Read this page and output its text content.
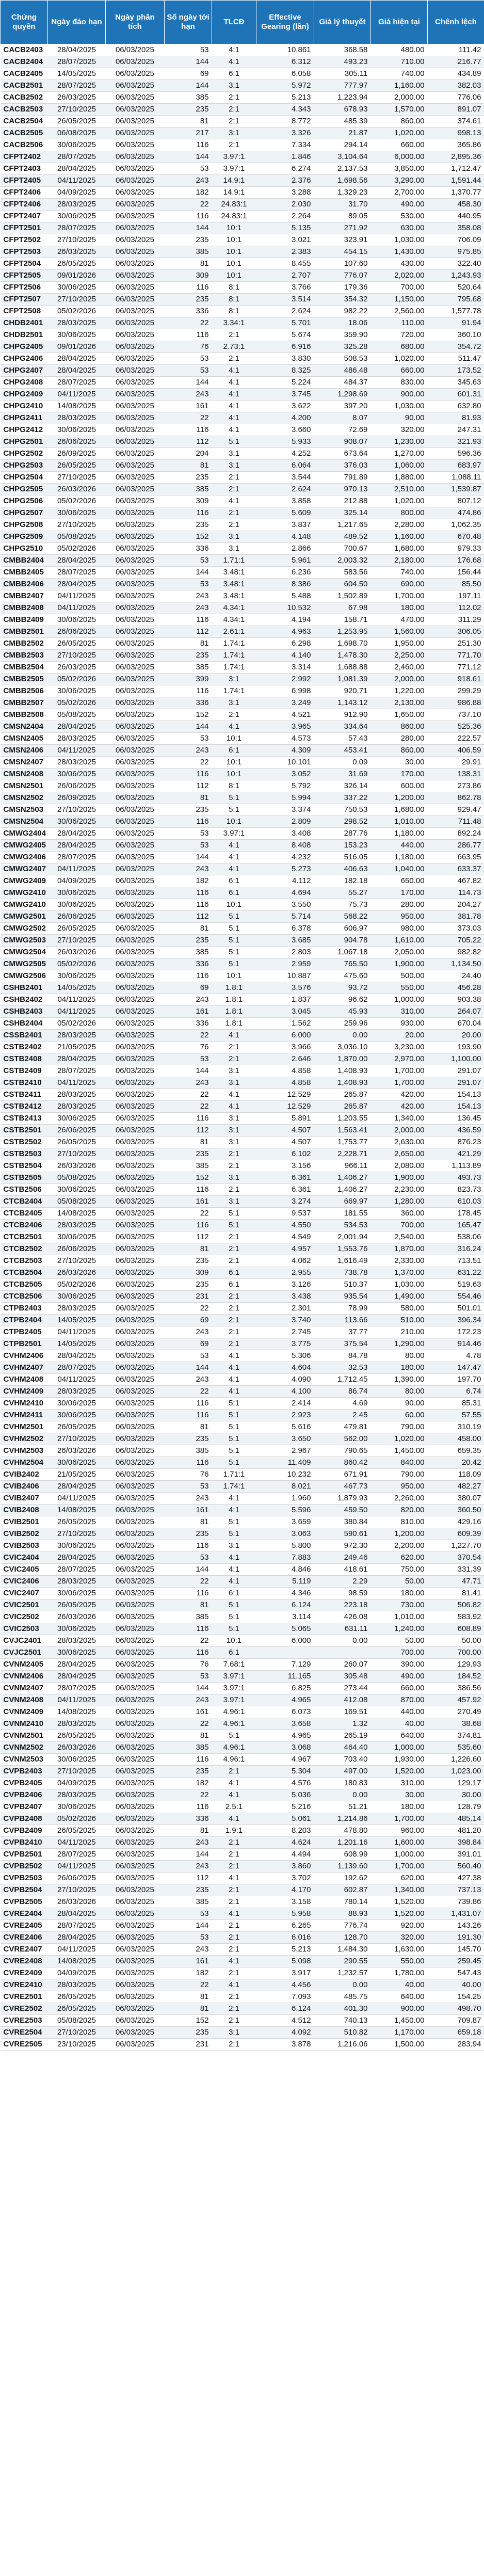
Chứng quyền	Ngày đáo hạn	Ngày phân tích	Số ngày tới hạn	TLCĐ	Effective Gearing (lần)	Giá lý thuyết	Giá hiện tại	Chênh lệch
CACB2403	28/04/2025	06/03/2025	53	4:1	10.861	368.58	480.00	111.42
CACB2404	28/07/2025	06/03/2025	144	4:1	6.312	493.23	710.00	216.77
CACB2405	14/05/2025	06/03/2025	69	6:1	6.058	305.11	740.00	434.89
CACB2501	28/07/2025	06/03/2025	144	3:1	5.972	777.97	1,160.00	382.03
CACB2502	26/03/2025	06/03/2025	385	2:1	5.213	1,223.94	2,000.00	776.06
CACB2503	27/10/2025	06/03/2025	235	2:1	4.343	678.93	1,570.00	891.07
CACB2504	26/05/2025	06/03/2025	81	2:1	8.772	485.39	860.00	374.61
CACB2505	06/08/2025	06/03/2025	217	3:1	3.326	21.87	1,020.00	998.13
CACB2506	30/06/2025	06/03/2025	116	2:1	7.334	294.14	660.00	365.86
CFPT2402	28/07/2025	06/03/2025	144	3.97:1	1.846	3,104.64	6,000.00	2,895.36
CFPT2403	28/04/2025	06/03/2025	53	3.97:1	6.274	2,137.53	3,850.00	1,712.47
CFPT2405	04/11/2025	06/03/2025	243	14.9:1	2.376	1,698.56	3,290.00	1,591.44
CFPT2406	04/09/2025	06/03/2025	182	14.9:1	3.288	1,329.23	2,700.00	1,370.77
CFPT2406	28/03/2025	06/03/2025	22	24.83:1	2.030	31.70	490.00	458.30
CFPT2407	30/06/2025	06/03/2025	116	24.83:1	2.264	89.05	530.00	440.95
CFPT2501	28/07/2025	06/03/2025	144	10:1	5.135	271.92	630.00	358.08
CFPT2502	27/10/2025	06/03/2025	235	10:1	3.021	323.91	1,030.00	706.09
CFPT2503	26/03/2025	06/03/2025	385	10:1	2.383	454.15	1,430.00	975.85
CFPT2504	26/05/2025	06/03/2025	81	10:1	8.455	107.60	430.00	322.40
CFPT2505	09/01/2026	06/03/2025	309	10:1	2.707	776.07	2,020.00	1,243.93
CFPT2506	30/06/2025	06/03/2025	116	8:1	3.766	179.36	700.00	520.64
CFPT2507	27/10/2025	06/03/2025	235	8:1	3.514	354.32	1,150.00	795.68
CFPT2508	05/02/2026	06/03/2025	336	8:1	2.624	982.22	2,560.00	1,577.78
CHDB2401	28/03/2025	06/03/2025	22	3.34:1	5.701	18.06	110.00	91.94
CHDB2501	30/06/2025	06/03/2025	116	2:1	5.674	359.90	720.00	360.10
CHPG2405	09/01/2026	06/03/2025	76	2.73:1	6.916	325.28	680.00	354.72
CHPG2406	28/04/2025	06/03/2025	53	2:1	3.830	508.53	1,020.00	511.47
CHPG2407	28/04/2025	06/03/2025	53	4:1	8.325	486.48	660.00	173.52
CHPG2408	28/07/2025	06/03/2025	144	4:1	5.224	484.37	830.00	345.63
CHPG2409	04/11/2025	06/03/2025	243	4:1	3.745	1,298.69	900.00	601.31
CHPG2410	14/08/2025	06/03/2025	161	4:1	3.622	397.20	1,030.00	632.80
CHPG2411	28/03/2025	06/03/2025	22	4:1	4.200	8.07	90.00	81.93
CHPG2412	30/06/2025	06/03/2025	116	4:1	3.660	72.69	320.00	247.31
CHPG2501	26/06/2025	06/03/2025	112	5:1	5.933	908.07	1,230.00	321.93
CHPG2502	26/09/2025	06/03/2025	204	3:1	4.252	673.64	1,270.00	596.36
CHPG2503	26/05/2025	06/03/2025	81	3:1	6.064	376.03	1,060.00	683.97
CHPG2504	27/10/2025	06/03/2025	235	2:1	3.544	791.89	1,880.00	1,088.11
CHPG2505	26/03/2026	06/03/2025	385	2:1	2.624	970.13	2,510.00	1,539.87
CHPG2506	05/02/2026	06/03/2025	309	4:1	3.858	212.88	1,020.00	807.12
CHPG2507	30/06/2025	06/03/2025	116	2:1	5.609	325.14	800.00	474.86
CHPG2508	27/10/2025	06/03/2025	235	2:1	3.837	1,217.65	2,280.00	1,062.35
CHPG2509	05/08/2025	06/03/2025	152	3:1	4.148	489.52	1,160.00	670.48
CHPG2510	05/02/2026	06/03/2025	336	3:1	2.866	700.67	1,680.00	979.33
CMBB2404	28/04/2025	06/03/2025	53	1.71:1	5.961	2,003.32	2,180.00	176.68
CMBB2405	28/07/2025	06/03/2025	144	3.48:1	6.236	583.56	740.00	156.44
CMBB2406	28/04/2025	06/03/2025	53	3.48:1	8.386	604.50	690.00	85.50
CMBB2407	04/11/2025	06/03/2025	243	3.48:1	5.488	1,502.89	1,700.00	197.11
CMBB2408	04/11/2025	06/03/2025	243	4.34:1	10.532	67.98	180.00	112.02
CMBB2409	30/06/2025	06/03/2025	116	4.34:1	4.194	158.71	470.00	311.29
CMBB2501	26/06/2025	06/03/2025	112	2.61:1	4.963	1,253.95	1,560.00	306.05
CMBB2502	26/05/2025	06/03/2025	81	1.74:1	6.298	1,698.70	1,950.00	251.30
CMBB2503	27/10/2025	06/03/2025	235	1.74:1	4.140	1,478.30	2,250.00	771.70
CMBB2504	26/03/2025	06/03/2025	385	1.74:1	3.314	1,688.88	2,460.00	771.12
CMBB2505	05/02/2026	06/03/2025	399	3:1	2.992	1,081.39	2,000.00	918.61
CMBB2506	30/06/2025	06/03/2025	116	1.74:1	6.998	920.71	1,220.00	299.29
CMBB2507	05/02/2026	06/03/2025	336	3:1	3.249	1,143.12	2,130.00	986.88
CMBB2508	05/08/2025	06/03/2025	152	2:1	4.521	912.90	1,650.00	737.10
CMSN2404	28/04/2025	06/03/2025	144	4:1	3.965	334.64	860.00	525.36
CMSN2405	28/03/2025	06/03/2025	53	10:1	4.573	57.43	280.00	222.57
CMSN2406	04/11/2025	06/03/2025	243	6:1	4.309	453.41	860.00	406.59
CMSN2407	28/03/2025	06/03/2025	22	10:1	10.101	0.09	30.00	29.91
CMSN2408	30/06/2025	06/03/2025	116	10:1	3.052	31.69	170.00	138.31
CMSN2501	26/06/2025	06/03/2025	112	8:1	5.792	326.14	600.00	273.86
CMSN2502	26/09/2025	06/03/2025	81	5:1	5.994	337.22	1,200.00	862.78
CMSN2503	27/10/2025	06/03/2025	235	5:1	3.374	750.53	1,680.00	929.47
CMSN2504	30/06/2025	06/03/2025	116	10:1	2.809	298.52	1,010.00	711.48
CMWG2404	28/04/2025	06/03/2025	53	3.97:1	3.408	287.76	1,180.00	892.24
CMWG2405	28/04/2025	06/03/2025	53	4:1	8.408	153.23	440.00	286.77
CMWG2406	28/07/2025	06/03/2025	144	4:1	4.232	516.05	1,180.00	663.95
CMWG2407	04/11/2025	06/03/2025	243	4:1	5.273	406.63	1,040.00	633.37
CMWG2409	04/09/2025	06/03/2025	182	6:1	4.112	182.18	650.00	467.82
CMWG2410	30/06/2025	06/03/2025	116	6:1	4.694	55.27	170.00	114.73
CMWG2410	30/06/2025	06/03/2025	116	10:1	3.550	75.73	280.00	204.27
CMWG2501	26/06/2025	06/03/2025	112	5:1	5.714	568.22	950.00	381.78
CMWG2502	26/05/2025	06/03/2025	81	5:1	6.378	606.97	980.00	373.03
CMWG2503	27/10/2025	06/03/2025	235	5:1	3.685	904.78	1,610.00	705.22
CMWG2504	26/03/2026	06/03/2025	385	5:1	2.803	1,067.18	2,050.00	982.82
CMWG2505	05/02/2026	06/03/2025	336	5:1	2.959	765.50	1,900.00	1,134.50
CMWG2506	30/06/2025	06/03/2025	116	10:1	10.887	475.60	500.00	24.40
CSHB2401	14/05/2025	06/03/2025	69	1.8:1	3.576	93.72	550.00	456.28
CSHB2402	04/11/2025	06/03/2025	243	1.8:1	1.837	96.62	1,000.00	903.38
CSHB2403	04/11/2025	06/03/2025	161	1.8:1	3.045	45.93	310.00	264.07
CSHB2404	05/02/2026	06/03/2025	336	1.8:1	1.562	259.96	930.00	670.04
CSSB2401	28/03/2025	06/03/2025	22	4:1	6.000	0.00	20.00	20.00
CSTB2402	21/05/2025	06/03/2025	76	2:1	3.966	3,036.10	3,230.00	193.90
CSTB2408	28/04/2025	06/03/2025	53	2:1	2.646	1,870.00	2,970.00	1,100.00
CSTB2409	28/07/2025	06/03/2025	144	3:1	4.858	1,408.93	1,700.00	291.07
CSTB2410	04/11/2025	06/03/2025	243	3:1	4.858	1,408.93	1,700.00	291.07
CSTB2411	28/03/2025	06/03/2025	22	4:1	12.529	265.87	420.00	154.13
CSTB2412	28/03/2025	06/03/2025	22	4:1	12.529	265.87	420.00	154.13
CSTB2413	30/06/2025	06/03/2025	116	3:1	5.891	1,203.55	1,340.00	136.45
CSTB2501	26/06/2025	06/03/2025	112	3:1	4.507	1,563.41	2,000.00	436.59
CSTB2502	26/05/2025	06/03/2025	81	3:1	4.507	1,753.77	2,630.00	876.23
CSTB2503	27/10/2025	06/03/2025	235	2:1	6.102	2,228.71	2,650.00	421.29
CSTB2504	26/03/2026	06/03/2025	385	2:1	3.156	966.11	2,080.00	1,113.89
CSTB2505	05/08/2025	06/03/2025	152	3:1	6.361	1,406.27	1,900.00	493.73
CSTB2506	30/06/2025	06/03/2025	116	2:1	6.361	1,406.27	2,230.00	823.73
CTCB2404	05/08/2025	06/03/2025	161	3:1	3.274	669.97	1,280.00	610.03
CTCB2405	14/08/2025	06/03/2025	22	5:1	9.537	181.55	360.00	178.45
CTCB2406	28/03/2025	06/03/2025	116	5:1	4.550	534.53	700.00	165.47
CTCB2501	30/06/2025	06/03/2025	112	2:1	4.549	2,001.94	2,540.00	538.06
CTCB2502	26/06/2025	06/03/2025	81	2:1	4.957	1,553.76	1,870.00	316.24
CTCB2503	27/10/2025	06/03/2025	235	2:1	4.062	1,616.49	2,330.00	713.51
CTCB2504	26/03/2026	06/03/2025	309	6:1	2.955	738.78	1,370.00	631.22
CTCB2505	05/02/2026	06/03/2025	235	6:1	3.126	510.37	1,030.00	519.63
CTCB2506	30/06/2025	06/03/2025	231	2:1	3.438	935.54	1,490.00	554.46
CTPB2403	28/03/2025	06/03/2025	22	2:1	2.301	78.99	580.00	501.01
CTPB2404	14/05/2025	06/03/2025	69	2:1	3.740	113.66	510.00	396.34
CTPB2405	04/11/2025	06/03/2025	243	2:1	2.745	37.77	210.00	172.23
CTPB2501	14/05/2025	06/03/2025	69	2:1	3.775	375.54	1,290.00	914.46
CVHM2406	28/04/2025	06/03/2025	53	4:1	5.306	84.78	80.00	4.78
CVHM2407	28/07/2025	06/03/2025	144	4:1	4.604	32.53	180.00	147.47
CVHM2408	04/11/2025	06/03/2025	243	4:1	4.090	1,712.45	1,390.00	197.70
CVHM2409	28/03/2025	06/03/2025	22	4:1	4.100	86.74	80.00	6.74
CVHM2410	30/06/2025	06/03/2025	116	5:1	2.414	4.69	90.00	85.31
CVHM2411	30/06/2025	06/03/2025	116	5:1	2.923	2.45	60.00	57.55
CVHM2501	26/05/2025	06/03/2025	81	5:1	5.616	479.81	790.00	310.19
CVHM2502	27/10/2025	06/03/2025	235	5:1	3.650	562.00	1,020.00	458.00
CVHM2503	26/03/2026	06/03/2025	385	5:1	2.967	790.65	1,450.00	659.35
CVHM2504	30/06/2025	06/03/2025	116	5:1	11.409	860.42	840.00	20.42
CVIB2402	21/05/2025	06/03/2025	76	1.71:1	10.232	671.91	790.00	118.09
CVIB2406	28/04/2025	06/03/2025	53	1.74:1	8.021	467.73	950.00	482.27
CVIB2407	04/11/2025	06/03/2025	243	4:1	1.960	1,879.93	2,260.00	380.07
CVIB2408	14/08/2025	06/03/2025	161	4:1	5.596	459.50	820.00	360.50
CVIB2501	26/05/2025	06/03/2025	81	5:1	3.659	380.84	810.00	429.16
CVIB2502	27/10/2025	06/03/2025	235	5:1	3.063	590.61	1,200.00	609.39
CVIB2503	30/06/2025	06/03/2025	116	3:1	5.800	972.30	2,200.00	1,227.70
CVIC2404	28/04/2025	06/03/2025	53	4:1	7.883	249.46	620.00	370.54
CVIC2405	28/07/2025	06/03/2025	144	4:1	4.846	418.61	750.00	331.39
CVIC2406	28/03/2025	06/03/2025	22	4:1	5.119	2.29	50.00	47.71
CVIC2407	30/06/2025	06/03/2025	116	6:1	4.346	98.59	180.00	81.41
CVIC2501	26/05/2025	06/03/2025	81	5:1	6.124	223.18	730.00	506.82
CVIC2502	26/03/2026	06/03/2025	385	5:1	3.114	426.08	1,010.00	583.92
CVIC2503	30/06/2025	06/03/2025	116	5:1	5.065	631.11	1,240.00	608.89
CVJC2401	28/03/2025	06/03/2025	22	10:1	6.000	0.00	50.00	50.00
CVJC2501	30/06/2025	06/03/2025	116	6:1			700.00	700.00
CVNM2405	28/04/2025	06/03/2025	76	7.68:1	7.129	260.07	390.00	129.93
CVNM2406	28/04/2025	06/03/2025	53	3.97:1	11.165	305.48	490.00	184.52
CVNM2407	28/07/2025	06/03/2025	144	3.97:1	6.825	273.44	660.00	386.56
CVNM2408	04/11/2025	06/03/2025	243	3.97:1	4.965	412.08	870.00	457.92
CVNM2409	14/08/2025	06/03/2025	161	4.96:1	6.073	169.51	440.00	270.49
CVNM2410	28/03/2025	06/03/2025	22	4.96:1	3.658	1.32	40.00	38.68
CVNM2501	26/05/2025	06/03/2025	81	5:1	4.965	265.19	640.00	374.81
CVNM2502	26/03/2026	06/03/2025	385	4.96:1	3.068	464.40	1,000.00	535.60
CVNM2503	30/06/2025	06/03/2025	116	4.96:1	4.967	703.40	1,930.00	1,226.60
CVPB2403	27/10/2025	06/03/2025	235	2:1	5.304	497.00	1,520.00	1,023.00
CVPB2405	04/09/2025	06/03/2025	182	4:1	4.576	180.83	310.00	129.17
CVPB2406	28/03/2025	06/03/2025	22	4:1	5.036	0.00	30.00	30.00
CVPB2407	30/06/2025	06/03/2025	116	2.5:1	5.216	51.21	180.00	128.79
CVPB2408	05/02/2026	06/03/2025	336	4:1	5.061	1,214.86	1,700.00	485.14
CVPB2409	26/05/2025	06/03/2025	81	1.9:1	8.203	478.80	960.00	481.20
CVPB2410	04/11/2025	06/03/2025	243	2:1	4.624	1,201.16	1,600.00	398.84
CVPB2501	28/07/2025	06/03/2025	144	2:1	4.494	608.99	1,000.00	391.01
CVPB2502	04/11/2025	06/03/2025	243	2:1	3.860	1,139.60	1,700.00	560.40
CVPB2503	26/06/2025	06/03/2025	112	4:1	3.702	192.62	620.00	427.38
CVPB2504	27/10/2025	06/03/2025	235	2:1	4.170	602.87	1,340.00	737.13
CVPB2505	26/03/2026	06/03/2025	385	2:1	3.158	780.14	1,520.00	739.86
CVRE2404	28/04/2025	06/03/2025	53	4:1	5.958	88.93	1,520.00	1,431.07
CVRE2405	28/07/2025	06/03/2025	144	2:1	6.265	776.74	920.00	143.26
CVRE2406	28/04/2025	06/03/2025	53	2:1	6.016	128.70	320.00	191.30
CVRE2407	04/11/2025	06/03/2025	243	2:1	5.213	1,484.30	1,630.00	145.70
CVRE2408	14/08/2025	06/03/2025	161	4:1	5.098	290.55	550.00	259.45
CVRE2409	04/09/2025	06/03/2025	182	2:1	3.917	1,232.57	1,780.00	547.43
CVRE2410	28/03/2025	06/03/2025	22	4:1	4.456	0.00	40.00	40.00
CVRE2501	26/05/2025	06/03/2025	81	2:1	7.093	485.75	640.00	154.25
CVRE2502	26/05/2025	06/03/2025	81	2:1	6.124	401.30	900.00	498.70
CVRE2503	05/08/2025	06/03/2025	152	2:1	4.512	740.13	1,450.00	709.87
CVRE2504	27/10/2025	06/03/2025	235	3:1	4.092	510.82	1,170.00	659.18
CVRE2505	23/10/2025	06/03/2025	231	2:1	3.878	1,216.06	1,500.00	283.94
